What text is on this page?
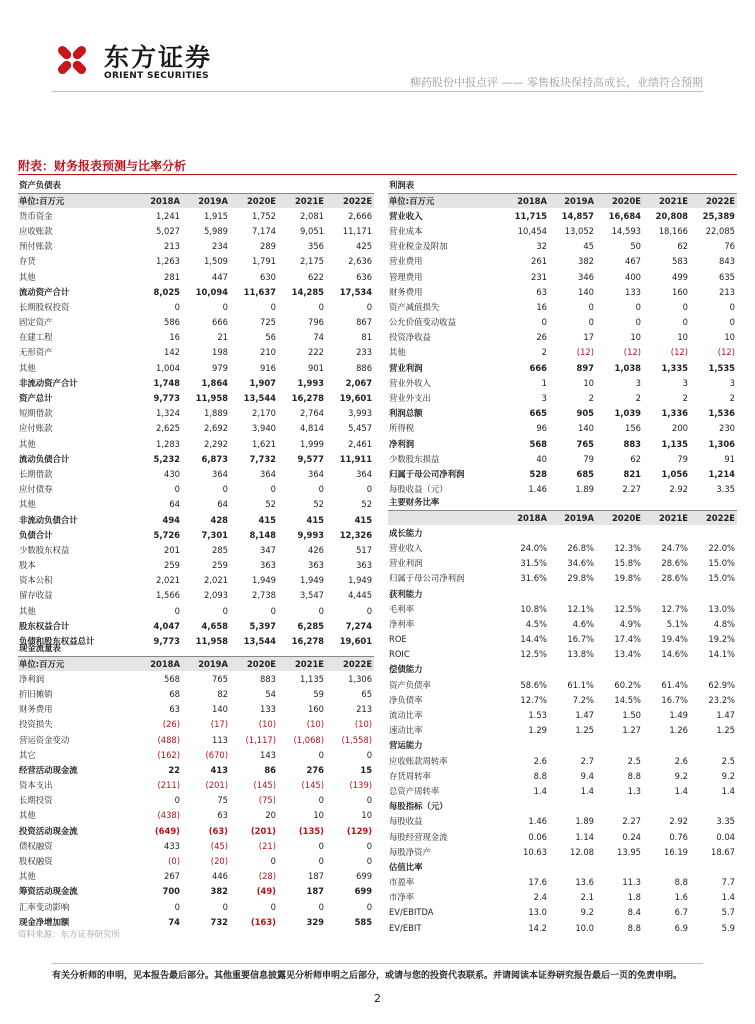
东方证券
ORIENT SECURITIES	柳药股份中报点评 —— 零售板块保持高成长，业绩符合预期
附表：财务报表预测与比率分析
资产负债表					
单位:百万元	2018A	2019A	2020E	2021E	2022E
货币资金	1,241	1,915	1,752	2,081	2,666
应收账款	5,027	5,989	7,174	9,051	11,171
预付账款	213	234	289	356	425
存货	1,263	1,509	1,791	2,175	2,636
其他	281	447	630	622	636
流动资产合计	8,025	10,094	11,637	14,285	17,534
长期股权投资	0	0	0	0	0
固定资产	586	666	725	796	867
在建工程	16	21	56	74	81
无形资产	142	198	210	222	233
其他	1,004	979	916	901	886
非流动资产合计	1,748	1,864	1,907	1,993	2,067
资产总计	9,773	11,958	13,544	16,278	19,601
短期借款	1,324	1,889	2,170	2,764	3,993
应付账款	2,625	2,692	3,940	4,814	5,457
其他	1,283	2,292	1,621	1,999	2,461
流动负债合计	5,232	6,873	7,732	9,577	11,911
长期借款	430	364	364	364	364
应付债券	0	0	0	0	0
其他	64	64	52	52	52
非流动负债合计	494	428	415	415	415
负债合计	5,726	7,301	8,148	9,993	12,326
少数股东权益	201	285	347	426	517
股本	259	259	363	363	363
资本公积	2,021	2,021	1,949	1,949	1,949
留存收益	1,566	2,093	2,738	3,547	4,445
其他	0	0	0	0	0
股东权益合计	4,047	4,658	5,397	6,285	7,274
负债和股东权益总计	9,773	11,958	13,544	16,278	19,601
现金流量表					
单位:百万元	2018A	2019A	2020E	2021E	2022E
净利润	568	765	883	1,135	1,306
折旧摊销	68	82	54	59	65
财务费用	63	140	133	160	213
投资损失	(26)	(17)	(10)	(10)	(10)
营运资金变动	(488)	113	(1,117)	(1,068)	(1,558)
其它	(162)	(670)	143	0	0
经营活动现金流	22	413	86	276	15
资本支出	(211)	(201)	(145)	(145)	(139)
长期投资	0	75	(75)	0	0
其他	(438)	63	20	10	10
投资活动现金流	(649)	(63)	(201)	(135)	(129)
债权融资	433	(45)	(21)	0	0
股权融资	(0)	(20)	0	0	0
其他	267	446	(28)	187	699
筹资活动现金流	700	382	(49)	187	699
汇率变动影响	0	0	0	0	0
现金净增加额	74	732	(163)	329	585
利润表					
单位:百万元	2018A	2019A	2020E	2021E	2022E
营业收入	11,715	14,857	16,684	20,808	25,389
营业成本	10,454	13,052	14,593	18,166	22,085
营业税金及附加	32	45	50	62	76
营业费用	261	382	467	583	843
管理费用	231	346	400	499	635
财务费用	63	140	133	160	213
资产减值损失	16	0	0	0	0
公允价值变动收益	0	0	0	0	0
投资净收益	26	17	10	10	10
其他	2	(12)	(12)	(12)	(12)
营业利润	666	897	1,038	1,335	1,535
营业外收入	1	10	3	3	3
营业外支出	3	2	2	2	2
利润总额	665	905	1,039	1,336	1,536
所得税	96	140	156	200	230
净利润	568	765	883	1,135	1,306
少数股东损益	40	79	62	79	91
归属于母公司净利润	528	685	821	1,056	1,214
每股收益（元）	1.46	1.89	2.27	2.92	3.35
主要财务比率					
	2018A	2019A	2020E	2021E	2022E
成长能力					
营业收入	24.0%	26.8%	12.3%	24.7%	22.0%
营业利润	31.5%	34.6%	15.8%	28.6%	15.0%
归属于母公司净利润	31.6%	29.8%	19.8%	28.6%	15.0%
获利能力					
毛利率	10.8%	12.1%	12.5%	12.7%	13.0%
净利率	4.5%	4.6%	4.9%	5.1%	4.8%
ROE	14.4%	16.7%	17.4%	19.4%	19.2%
ROIC	12.5%	13.8%	13.4%	14.6%	14.1%
偿债能力					
资产负债率	58.6%	61.1%	60.2%	61.4%	62.9%
净负债率	12.7%	7.2%	14.5%	16.7%	23.2%
流动比率	1.53	1.47	1.50	1.49	1.47
速动比率	1.29	1.25	1.27	1.26	1.25
营运能力					
应收账款周转率	2.6	2.7	2.5	2.6	2.5
存货周转率	8.8	9.4	8.8	9.2	9.2
总资产周转率	1.4	1.4	1.3	1.4	1.4
每股指标（元）					
每股收益	1.46	1.89	2.27	2.92	3.35
每股经营现金流	0.06	1.14	0.24	0.76	0.04
每股净资产	10.63	12.08	13.95	16.19	18.67
估值比率					
市盈率	17.6	13.6	11.3	8.8	7.7
市净率	2.4	2.1	1.8	1.6	1.4
EV/EBITDA	13.0	9.2	8.4	6.7	5.7
EV/EBIT	14.2	10.0	8.8	6.9	5.9
资料来源：东方证券研究所
有关分析师的申明，见本报告最后部分。其他重要信息披露见分析师申明之后部分，或请与您的投资代表联系。并请阅读本证券研究报告最后一页的免责申明。
2
